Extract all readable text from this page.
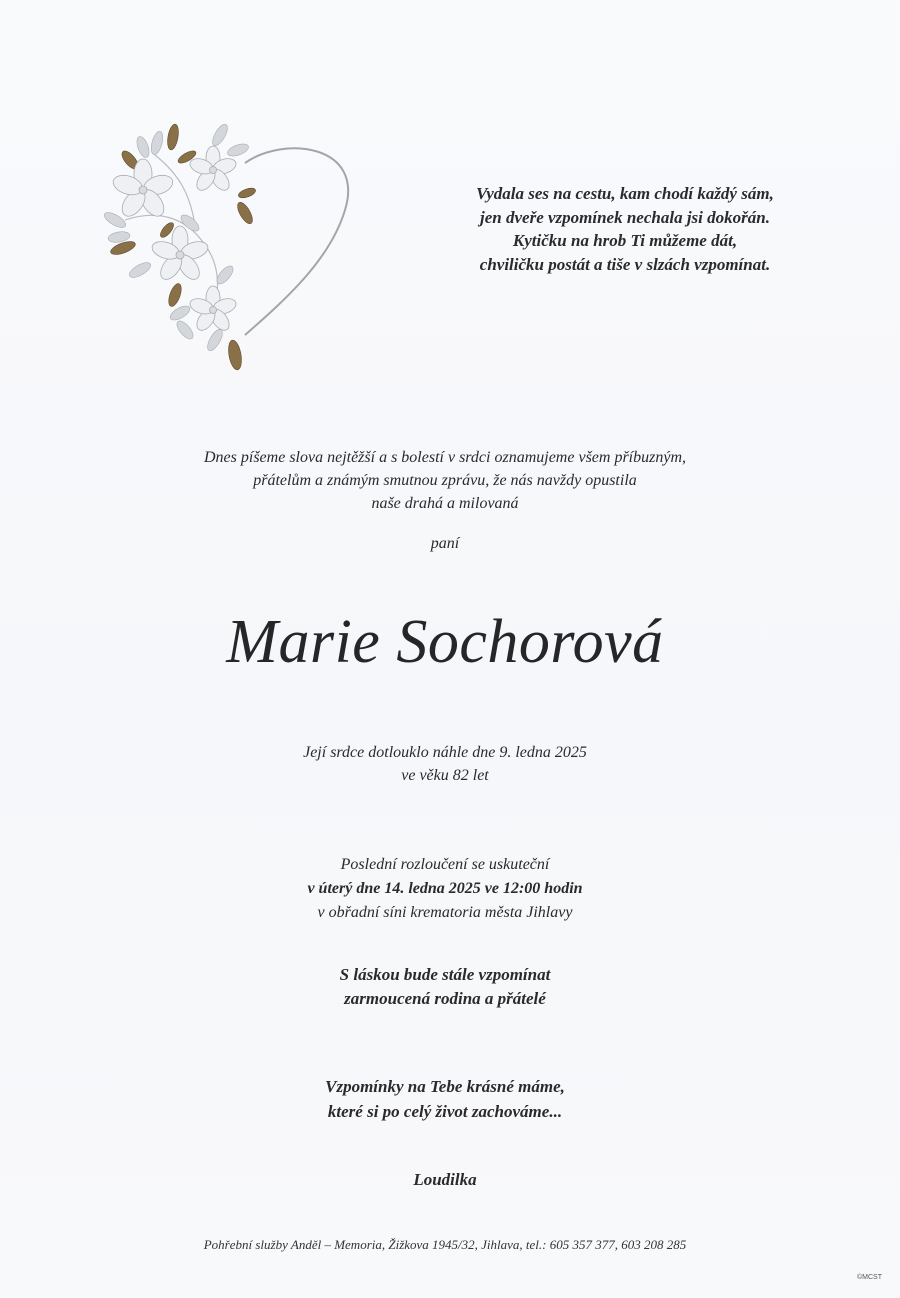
Vydala ses na cestu, kam chodí každý sám,
jen dveře vzpomínek nechala jsi dokořán.
Kytičku na hrob Ti můžeme dát,
chviličku postát a tiše v slzách vzpomínat.
Dnes píšeme slova nejtěžší a s bolestí v srdci oznamujeme všem příbuzným,
přátelům a známým smutnou zprávu, že nás navždy opustila
naše drahá a milovaná
paní
Marie Sochorová
Její srdce dotlouklo náhle dne 9. ledna 2025
ve věku 82 let
Poslední rozloučení se uskuteční
v úterý dne 14. ledna 2025 ve 12:00 hodin
v obřadní síni krematoria města Jihlavy
S láskou bude stále vzpomínat
zarmoucená rodina a přátelé
Vzpomínky na Tebe krásné máme,
které si po celý život zachováme...
Loudilka
Pohřební služby Anděl – Memoria, Žižkova 1945/32, Jihlava, tel.: 605 357 377, 603 208 285
©MCST
